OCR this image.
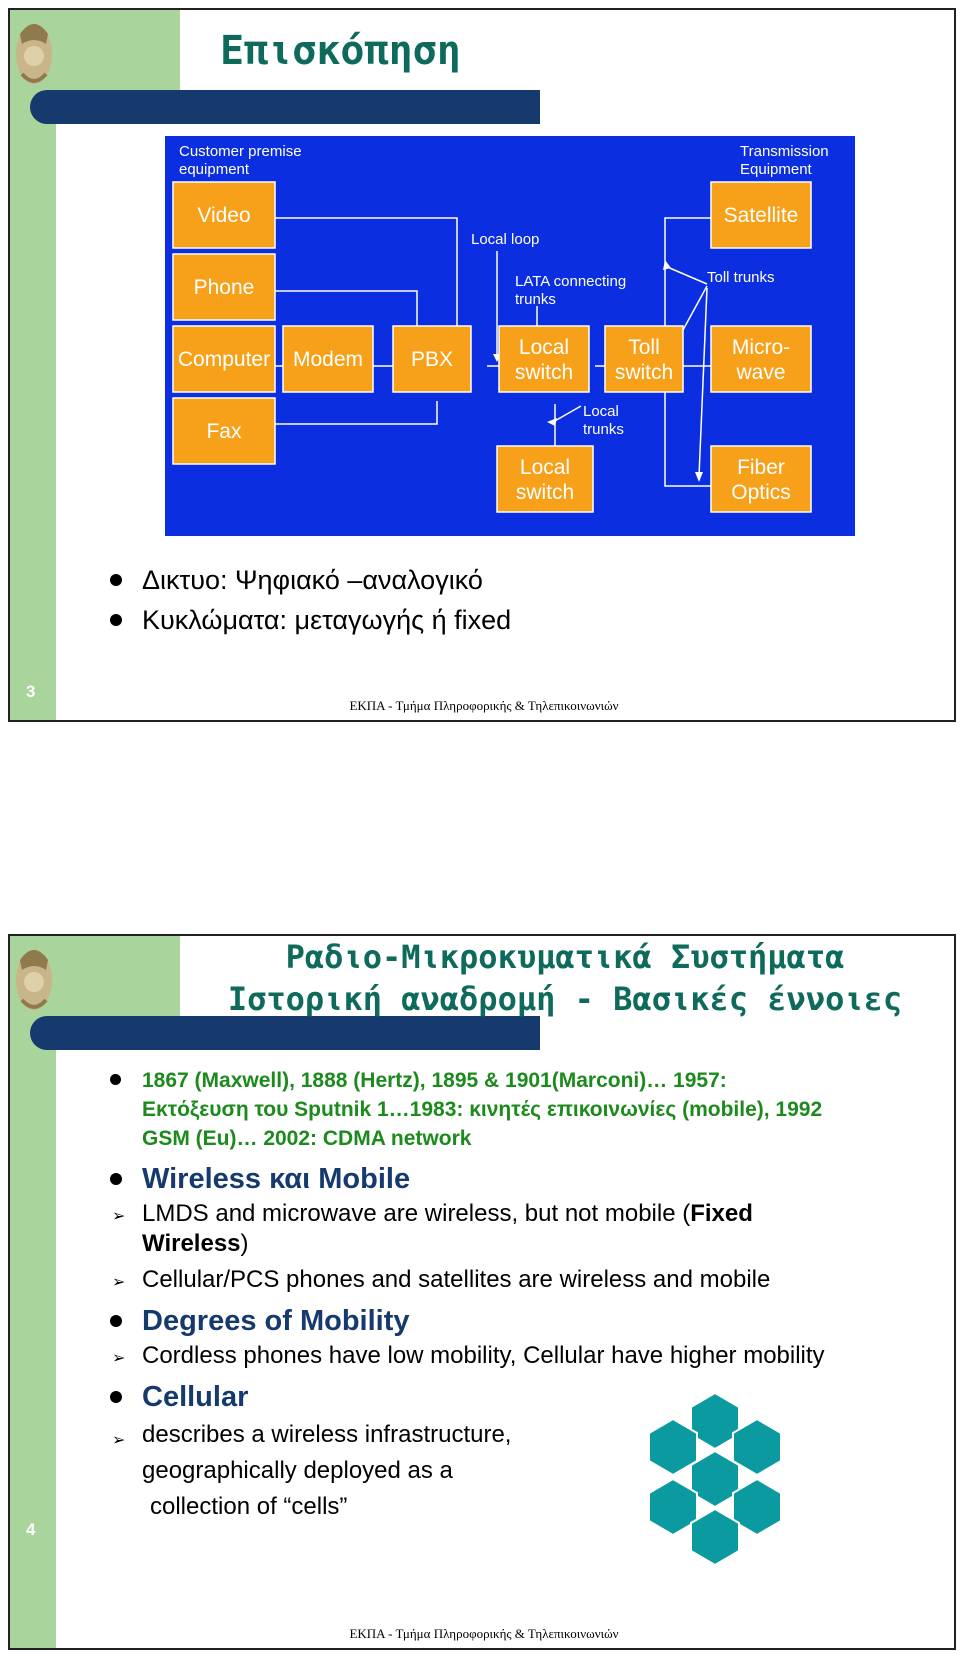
Επισκόπηση
Customer premise
equipment
Transmission
Equipment
Local loop
LATA connecting
trunks
Toll trunks
Local
trunks
Video
Phone
Computer Modem PBX
Fax
Local
switch
Toll
switch
Satellite
Micro-
wave
Local
switch
Fiber
Optics
Δικτυο: Ψηφιακό –αναλογικό
Κυκλώματα: μεταγωγής ή fixed
3
ΕΚΠΑ - Τμήμα Πληροφορικής & Τηλεπικοινωνιών
Ραδιο-Μικροκυματικά Συστήματα
Ιστορική αναδρομή - Βασικές έννοιες
1867 (Maxwell), 1888 (Hertz), 1895 & 1901(Marconi)… 1957:
Εκτόξευση του Sputnik 1…1983: κινητές επικοινωνίες (mobile), 1992
GSM (Eu)… 2002: CDMA network
Wireless και Mobile
➢ LMDS and microwave are wireless, but not mobile (Fixed
Wireless)
➢ Cellular/PCS phones and satellites are wireless and mobile
Degrees of Mobility
➢ Cordless phones have low mobility, Cellular have higher mobility
Cellular
➢ describes a wireless infrastructure,
geographically deployed as a
collection of “cells”
4
ΕΚΠΑ - Τμήμα Πληροφορικής & Τηλεπικοινωνιών
